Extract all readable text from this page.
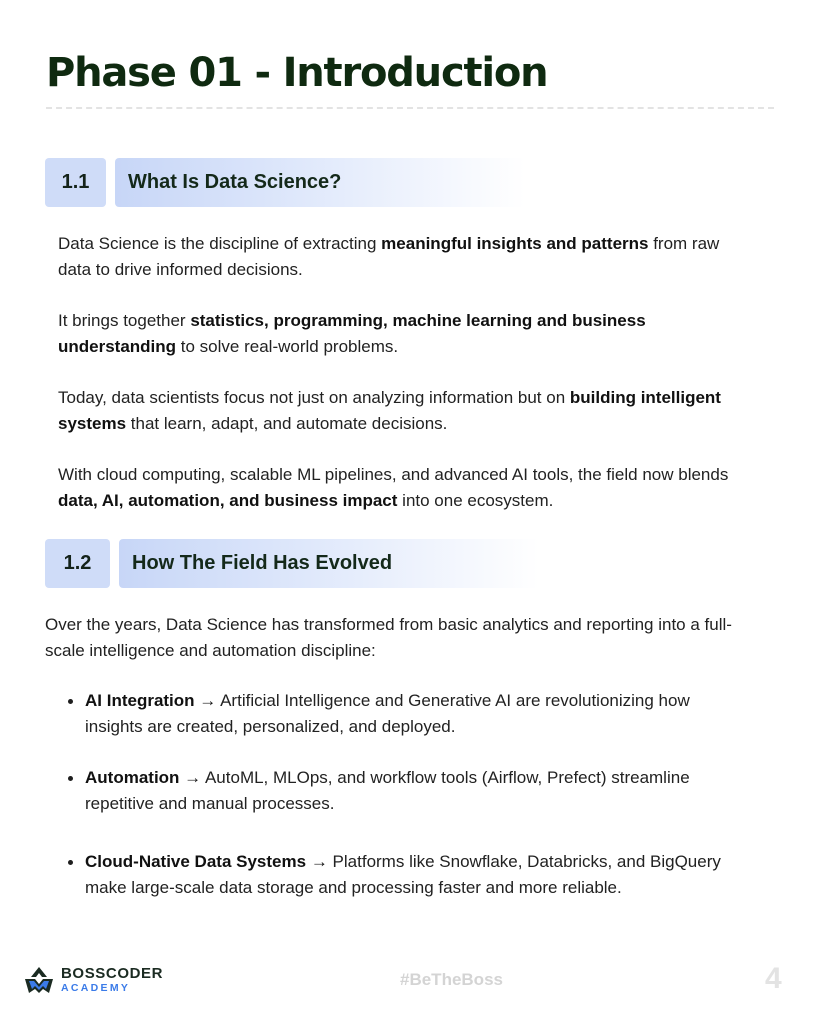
Phase 01 - Introduction
1.1	What Is Data Science?

Data Science is the discipline of extracting meaningful insights and patterns from raw data to drive informed decisions.

It brings together statistics, programming, machine learning and business understanding to solve real-world problems.

Today, data scientists focus not just on analyzing information but on building intelligent systems that learn, adapt, and automate decisions.

With cloud computing, scalable ML pipelines, and advanced AI tools, the field now blends data, AI, automation, and business impact into one ecosystem.

1.2	How The Field Has Evolved

Over the years, Data Science has transformed from basic analytics and reporting into a full-scale intelligence and automation discipline:

AI Integration → Artificial Intelligence and Generative AI are revolutionizing how insights are created, personalized, and deployed.
Automation → AutoML, MLOps, and workflow tools (Airflow, Prefect) streamline repetitive and manual processes.
Cloud-Native Data Systems → Platforms like Snowflake, Databricks, and BigQuery make large-scale data storage and processing faster and more reliable.
BOSSCODER
ACADEMY	#BeTheBoss	4
